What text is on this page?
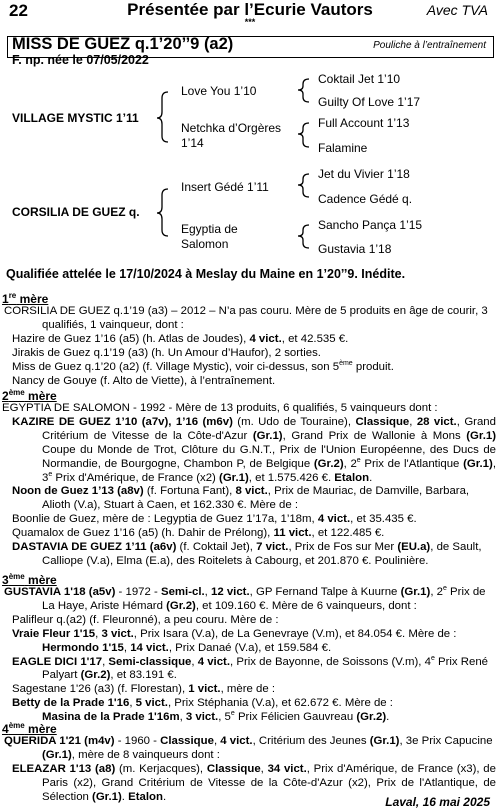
22	Présentée par l’Ecurie Vautors	Avec TVA
***
MISS DE GUEZ q.1’20’’9 (a2)	Pouliche à l’entraînement
F. np. née le 07/05/2022
VILLAGE MYSTIC 1’11
CORSILIA DE GUEZ q.
Love You 1’10
Netchka d’Orgères
1’14
Insert Gédé 1’11
Egyptia de
Salomon
Coktail Jet 1’10
Guilty Of Love 1’17
Full Account 1’13
Falamine
Jet du Vivier 1’18
Cadence Gédé q.
Sancho Pança 1’15
Gustavia 1’18
Qualifiée attelée le 17/10/2024 à Meslay du Maine en 1’20’’9. Inédite.
1re mère

CORSILIA DE GUEZ q.1’19 (a3) – 2012 – N’a pas couru. Mère de 5 produits en âge de courir, 3 qualifiés, 1 vainqueur, dont :

Hazire de Guez 1’16 (a5) (h. Atlas de Joudes), 4 vict., et 42.535 €.

Jirakis de Guez q.1’19 (a3) (h. Un Amour d’Haufor), 2 sorties.

Miss de Guez q.1’20 (a2) (f. Village Mystic), voir ci-dessus, son 5ème produit.

Nancy de Gouye (f. Alto de Viette), à l’entraînement.

2ème mère

EGYPTIA DE SALOMON - 1992 - Mère de 13 produits, 6 qualifiés, 5 vainqueurs dont :

KAZIRE DE GUEZ 1’10 (a7v), 1’16 (m6v) (m. Udo de Touraine), Classique, 28 vict., Grand Critérium de Vitesse de la Côte-d'Azur (Gr.1), Grand Prix de Wallonie à Mons (Gr.1) Coupe du Monde de Trot, Clôture du G.N.T., Prix de l'Union Européenne, des Ducs de Normandie, de Bourgogne, Chambon P, de Belgique (Gr.2), 2e Prix de l'Atlantique (Gr.1), 3e Prix d'Amérique, de France (x2) (Gr.1), et 1.575.426 €. Etalon.

Noon de Guez 1’13 (a8v) (f. Fortuna Fant), 8 vict., Prix de Mauriac, de Damville, Barbara, Alioth (V.a), Stuart à Caen, et 162.330 €. Mère de :

Boonlie de Guez, mère de : Legyptia de Guez 1’17a, 1’18m, 4 vict., et 35.435 €.

Quamalox de Guez 1’16 (a5) (h. Dahir de Prélong), 11 vict., et 122.485 €.

DASTAVIA DE GUEZ 1’11 (a6v) (f. Coktail Jet), 7 vict., Prix de Fos sur Mer (EU.a), de Sault, Calliope (V.a), Elma (E.a), des Roitelets à Cabourg, et 201.870 €. Poulinière.

3ème mère

GUSTAVIA 1'18 (a5v) - 1972 - Semi-cl., 12 vict., GP Fernand Talpe à Kuurne (Gr.1), 2e Prix de La Haye, Ariste Hémard (Gr.2), et 109.160 €. Mère de 6 vainqueurs, dont :

Palifleur q.(a2) (f. Fleuronné), a peu couru. Mère de :

Vraie Fleur 1'15, 3 vict., Prix Isara (V.a), de La Genevraye (V.m), et 84.054 €. Mère de : Hermondo 1'15, 14 vict., Prix Danaé (V.a), et 159.584 €.

EAGLE DICI 1'17, Semi-classique, 4 vict., Prix de Bayonne, de Soissons (V.m), 4e Prix René Palyart (Gr.2), et 83.191 €.

Sagestane 1'26 (a3) (f. Florestan), 1 vict., mère de :

Betty de la Prade 1'16, 5 vict., Prix Stéphania (V.a), et 62.672 €. Mère de :

Masina de la Prade 1'16m, 3 vict., 5e Prix Félicien Gauvreau (Gr.2).

4ème mère

QUERIDA 1'21 (m4v) - 1960 - Classique, 4 vict., Critérium des Jeunes (Gr.1), 3e Prix Capucine (Gr.1), mère de 8 vainqueurs dont :

ELEAZAR 1'13 (a8) (m. Kerjacques), Classique, 34 vict., Prix d'Amérique, de France (x3), de Paris (x2), Grand Critérium de Vitesse de la Côte-d'Azur (x2), Prix de l'Atlantique, de Sélection (Gr.1). Etalon.	Laval, 16 mai 2025
